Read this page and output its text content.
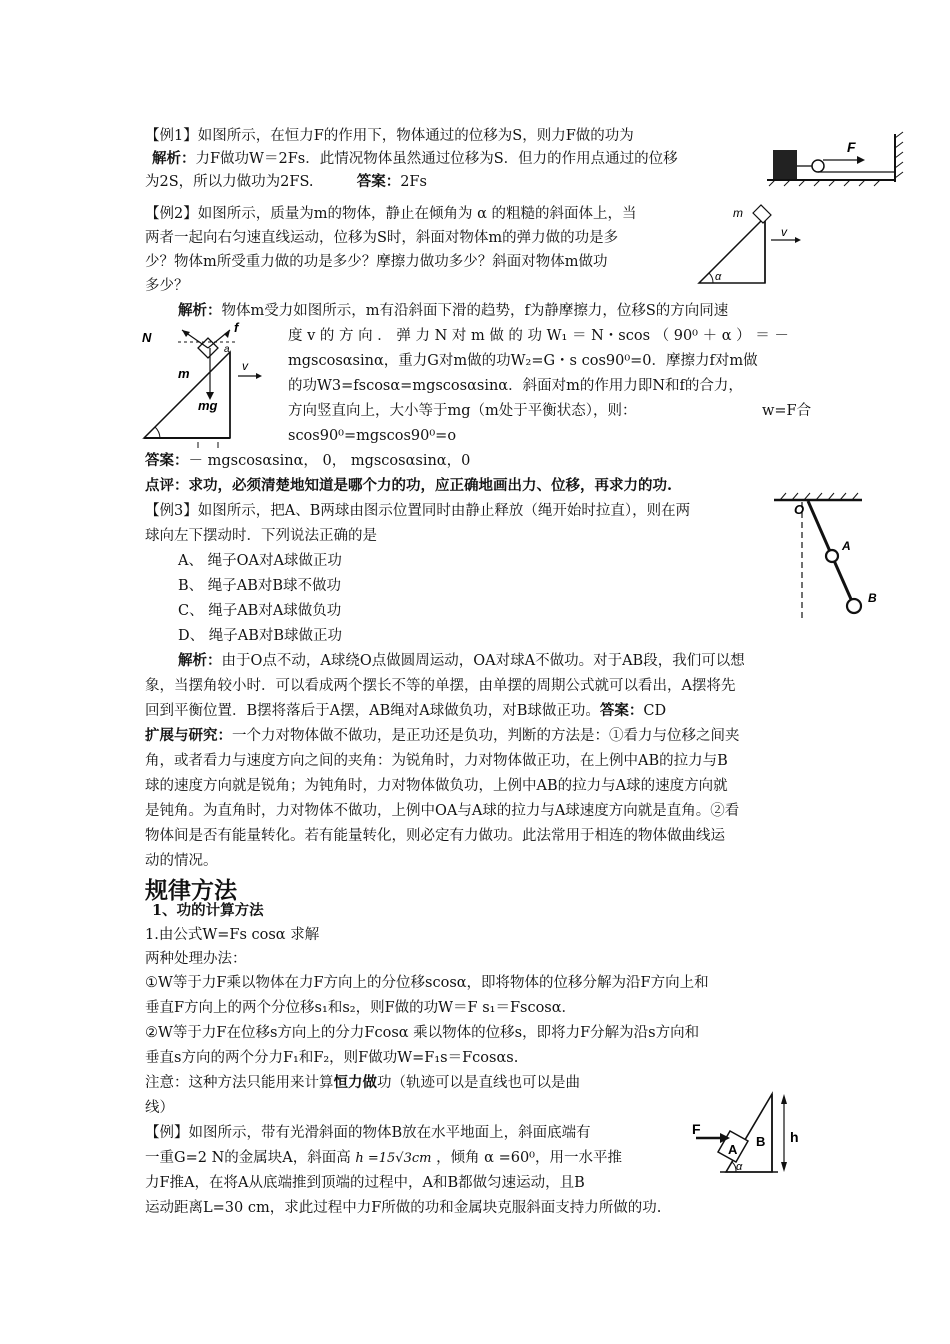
【例1】如图所示，在恒力F的作用下，物体通过的位移为S，则力F做的功为
解析：力F做功W＝2Fs．此情况物体虽然通过位移为S．但力的作用点通过的位移
为2S，所以力做功为2FS.	答案：2Fs
F
【例2】如图所示，质量为m的物体，静止在倾角为 α 的粗糙的斜面体上，当
两者一起向右匀速直线运动，位移为S时，斜面对物体m的弹力做的功是多
少？物体m所受重力做的功是多少？摩擦力做功多少？斜面对物体m做功
多少？
m
v
α
解析：物体m受力如图所示，m有沿斜面下滑的趋势，f为静摩擦力，位移S的方向同速
度 v 的 方 向 ． 弹 力 N 对 m 做 的 功 W₁ ＝ N・scos （ 90⁰ ＋ α ） ＝ －
mgscosαsinα，重力G对m做的功W₂=G・s cos90⁰=0．摩擦力f对m做
的功W3=fscosα=mgscosαsinα．斜面对m的作用力即N和f的合力，
方向竖直向上，大小等于mg（m处于平衡状态），则：	w=F合
scos90⁰=mgscos90⁰=o
N
f
m
mg
v
a
答案：－ mgscosαsinα， 0， mgscosαsinα，0
点评：求功，必须清楚地知道是哪个力的功，应正确地画出力、位移，再求力的功.
【例3】如图所示，把A、B两球由图示位置同时由静止释放（绳开始时拉直），则在两
球向左下摆动时．下列说法正确的是
A、 绳子OA对A球做正功
B、 绳子AB对B球不做功
C、 绳子AB对A球做负功
D、 绳子AB对B球做正功
O
A
B
解析：由于O点不动，A球绕O点做圆周运动，OA对球A不做功。对于AB段，我们可以想
象，当摆角较小时．可以看成两个摆长不等的单摆，由单摆的周期公式就可以看出，A摆将先
回到平衡位置．B摆将落后于A摆，AB绳对A球做负功，对B球做正功。答案：CD
扩展与研究：一个力对物体做不做功，是正功还是负功，判断的方法是：①看力与位移之间夹
角，或者看力与速度方向之间的夹角：为锐角时，力对物体做正功，在上例中AB的拉力与B
球的速度方向就是锐角；为钝角时，力对物体做负功，上例中AB的拉力与A球的速度方向就
是钝角。为直角时，力对物体不做功，上例中OA与A球的拉力与A球速度方向就是直角。②看
物体间是否有能量转化。若有能量转化，则必定有力做功。此法常用于相连的物体做曲线运
动的情况。
规律方法
1、功的计算方法
1.由公式W=Fs cosα 求解
两种处理办法：
①W等于力F乘以物体在力F方向上的分位移scosα，即将物体的位移分解为沿F方向上和
垂直F方向上的两个分位移s₁和s₂，则F做的功W＝F s₁＝Fscosα．
②W等于力F在位移s方向上的分力Fcosα 乘以物体的位移s，即将力F分解为沿s方向和
垂直s方向的两个分力F₁和F₂，则F做功W=F₁s＝Fcosαs.
注意：这种方法只能用来计算恒力做功（轨迹可以是直线也可以是曲
线）
【例】如图所示，带有光滑斜面的物体B放在水平地面上，斜面底端有
一重G=2 N的金属块A，斜面高 h =15√3cm ，倾角 α =60⁰，用一水平推
力F推A，在将A从底端推到顶端的过程中，A和B都做匀速运动，且B
运动距离L=30 cm，求此过程中力F所做的功和金属块克服斜面支持力所做的功.
F
A
B h
α
